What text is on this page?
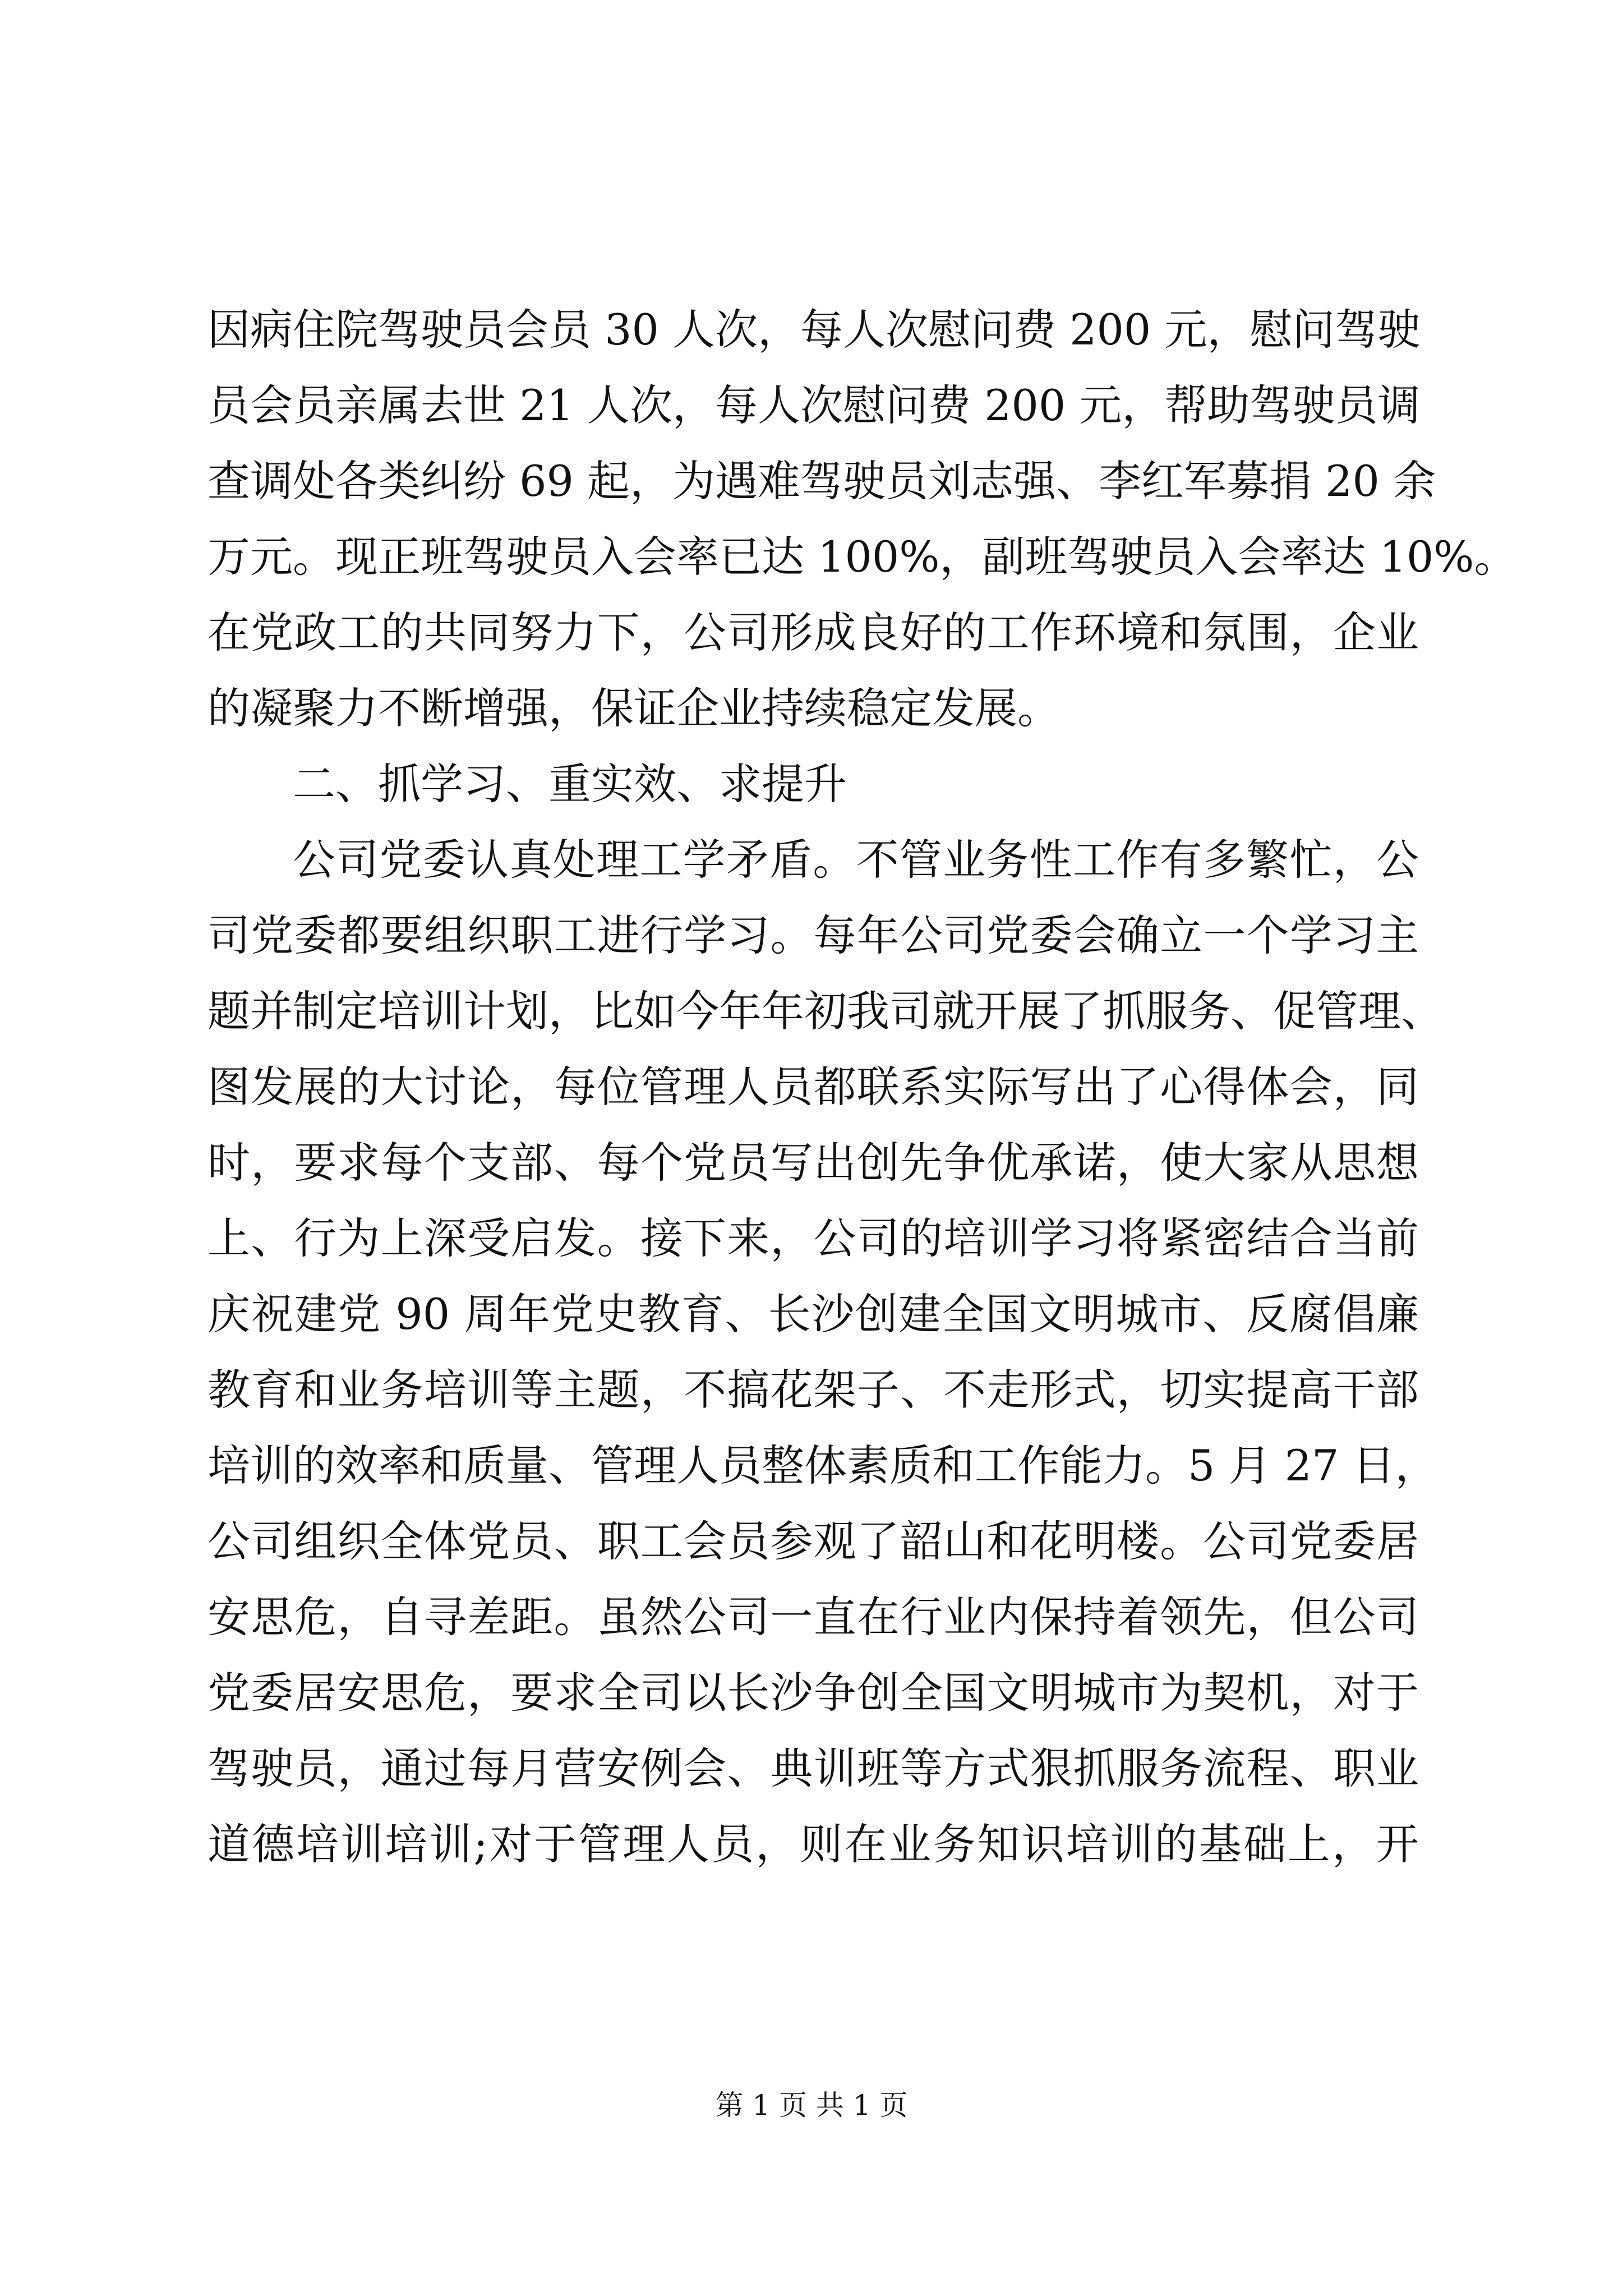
因病住院驾驶员会员 30 人次，每人次慰问费 200 元，慰问驾驶
员会员亲属去世 21 人次，每人次慰问费 200 元，帮助驾驶员调
查调处各类纠纷 69 起，为遇难驾驶员刘志强、李红军募捐 20 余
万元。现正班驾驶员入会率已达 100%，副班驾驶员入会率达 10%。
在党政工的共同努力下，公司形成良好的工作环境和氛围，企业
的凝聚力不断增强，保证企业持续稳定发展。
二、抓学习、重实效、求提升
公司党委认真处理工学矛盾。不管业务性工作有多繁忙，公
司党委都要组织职工进行学习。每年公司党委会确立一个学习主
题并制定培训计划，比如今年年初我司就开展了抓服务、促管理、
图发展的大讨论，每位管理人员都联系实际写出了心得体会，同
时，要求每个支部、每个党员写出创先争优承诺，使大家从思想
上、行为上深受启发。接下来，公司的培训学习将紧密结合当前
庆祝建党 90 周年党史教育、长沙创建全国文明城市、反腐倡廉
教育和业务培训等主题，不搞花架子、不走形式，切实提高干部
培训的效率和质量、管理人员整体素质和工作能力。5 月 27 日，
公司组织全体党员、职工会员参观了韶山和花明楼。公司党委居
安思危，自寻差距。虽然公司一直在行业内保持着领先，但公司
党委居安思危，要求全司以长沙争创全国文明城市为契机，对于
驾驶员，通过每月营安例会、典训班等方式狠抓服务流程、职业
道德培训培训;对于管理人员，则在业务知识培训的基础上，开
第 1 页 共 1 页
